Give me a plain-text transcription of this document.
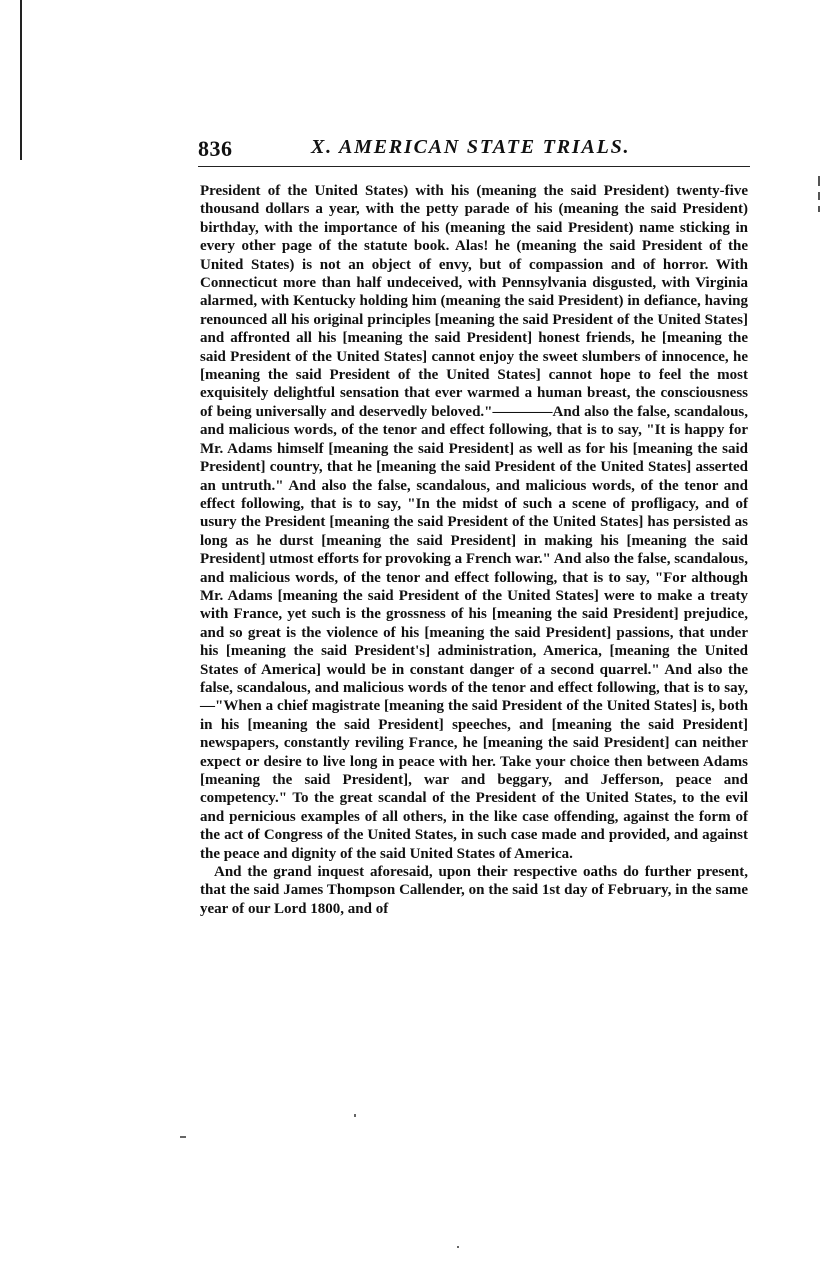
836	X. AMERICAN STATE TRIALS.

President of the United States) with his (meaning the said President) twenty-five thousand dollars a year, with the petty parade of his (meaning the said President) birthday, with the importance of his (meaning the said President) name sticking in every other page of the statute book. Alas! he (meaning the said President of the United States) is not an object of envy, but of compassion and of horror. With Connecticut more than half undeceived, with Pennsylvania disgusted, with Virginia alarmed, with Kentucky holding him (meaning the said President) in defiance, having renounced all his original principles [meaning the said President of the United States] and affronted all his [meaning the said President] honest friends, he [meaning the said President of the United States] cannot enjoy the sweet slumbers of innocence, he [meaning the said President of the United States] cannot hope to feel the most exquisitely delightful sensation that ever warmed a human breast, the consciousness of being universally and deservedly beloved."————And also the false, scandalous, and malicious words, of the tenor and effect following, that is to say, "It is happy for Mr. Adams himself [meaning the said President] as well as for his [meaning the said President] country, that he [meaning the said President of the United States] asserted an untruth." And also the false, scandalous, and malicious words, of the tenor and effect following, that is to say, "In the midst of such a scene of profligacy, and of usury the President [meaning the said President of the United States] has persisted as long as he durst [meaning the said President] in making his [meaning the said President] utmost efforts for provoking a French war." And also the false, scandalous, and malicious words, of the tenor and effect following, that is to say, "For although Mr. Adams [meaning the said President of the United States] were to make a treaty with France, yet such is the grossness of his [meaning the said President] prejudice, and so great is the violence of his [meaning the said President] passions, that under his [meaning the said President's] administration, America, [meaning the United States of America] would be in constant danger of a second quarrel." And also the false, scandalous, and malicious words of the tenor and effect following, that is to say,—"When a chief magistrate [meaning the said President of the United States] is, both in his [meaning the said President] speeches, and [meaning the said President] newspapers, constantly reviling France, he [meaning the said President] can neither expect or desire to live long in peace with her. Take your choice then between Adams [meaning the said President], war and beggary, and Jefferson, peace and competency." To the great scandal of the President of the United States, to the evil and pernicious examples of all others, in the like case offending, against the form of the act of Congress of the United States, in such case made and provided, and against the peace and dignity of the said United States of America.

And the grand inquest aforesaid, upon their respective oaths do further present, that the said James Thompson Callender, on the said 1st day of February, in the same year of our Lord 1800, and of
